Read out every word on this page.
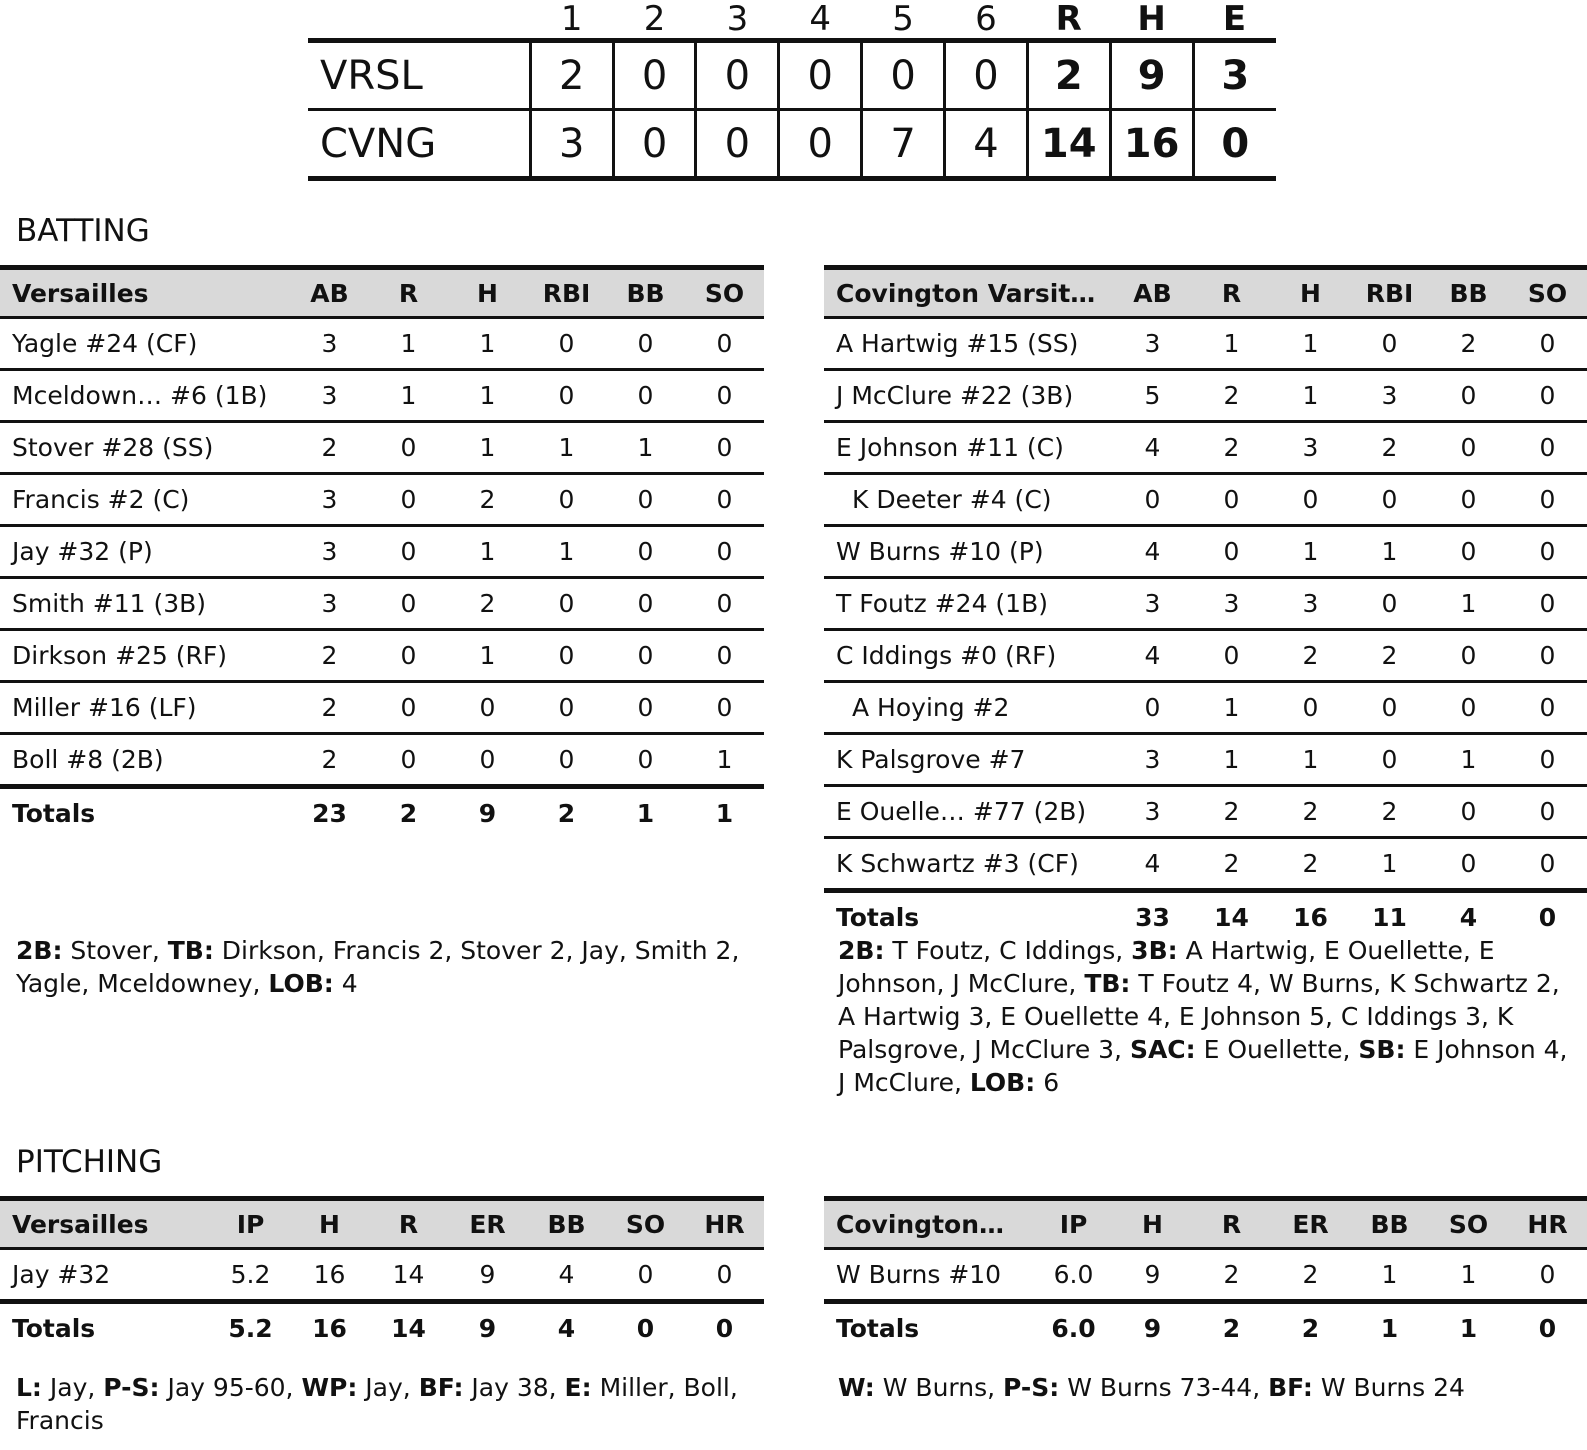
	1	2	3	4	5	6	R	H	E
VRSL	2	0	0	0	0	0	2	9	3
CVNG	3	0	0	0	7	4	14	16	0
BATTING
Versailles	AB	R	H	RBI	BB	SO
Yagle #24 (CF)	3	1	1	0	0	0
Mceldown… #6 (1B)	3	1	1	0	0	0
Stover #28 (SS)	2	0	1	1	1	0
Francis #2 (C)	3	0	2	0	0	0
Jay #32 (P)	3	0	1	1	0	0
Smith #11 (3B)	3	0	2	0	0	0
Dirkson #25 (RF)	2	0	1	0	0	0
Miller #16 (LF)	2	0	0	0	0	0
Boll #8 (2B)	2	0	0	0	0	1
Totals	23	2	9	2	1	1
Covington Varsit…	AB	R	H	RBI	BB	SO
A Hartwig #15 (SS)	3	1	1	0	2	0
J McClure #22 (3B)	5	2	1	3	0	0
E Johnson #11 (C)	4	2	3	2	0	0
K Deeter #4 (C)	0	0	0	0	0	0
W Burns #10 (P)	4	0	1	1	0	0
T Foutz #24 (1B)	3	3	3	0	1	0
C Iddings #0 (RF)	4	0	2	2	0	0
A Hoying #2	0	1	0	0	0	0
K Palsgrove #7	3	1	1	0	1	0
E Ouelle… #77 (2B)	3	2	2	2	0	0
K Schwartz #3 (CF)	4	2	2	1	0	0
Totals	33	14	16	11	4	0
2B: Stover, TB: Dirkson, Francis 2, Stover 2, Jay, Smith 2, Yagle, Mceldowney, LOB: 4
2B: T Foutz, C Iddings, 3B: A Hartwig, E Ouellette, E Johnson, J McClure, TB: T Foutz 4, W Burns, K Schwartz 2, A Hartwig 3, E Ouellette 4, E Johnson 5, C Iddings 3, K Palsgrove, J McClure 3, SAC: E Ouellette, SB: E Johnson 4, J McClure, LOB: 6
PITCHING
Versailles	IP	H	R	ER	BB	SO	HR
Jay #32	5.2	16	14	9	4	0	0
Totals	5.2	16	14	9	4	0	0
Covington…	IP	H	R	ER	BB	SO	HR
W Burns #10	6.0	9	2	2	1	1	0
Totals	6.0	9	2	2	1	1	0
L: Jay, P-S: Jay 95-60, WP: Jay, BF: Jay 38, E: Miller, Boll, Francis
W: W Burns, P-S: W Burns 73-44, BF: W Burns 24
